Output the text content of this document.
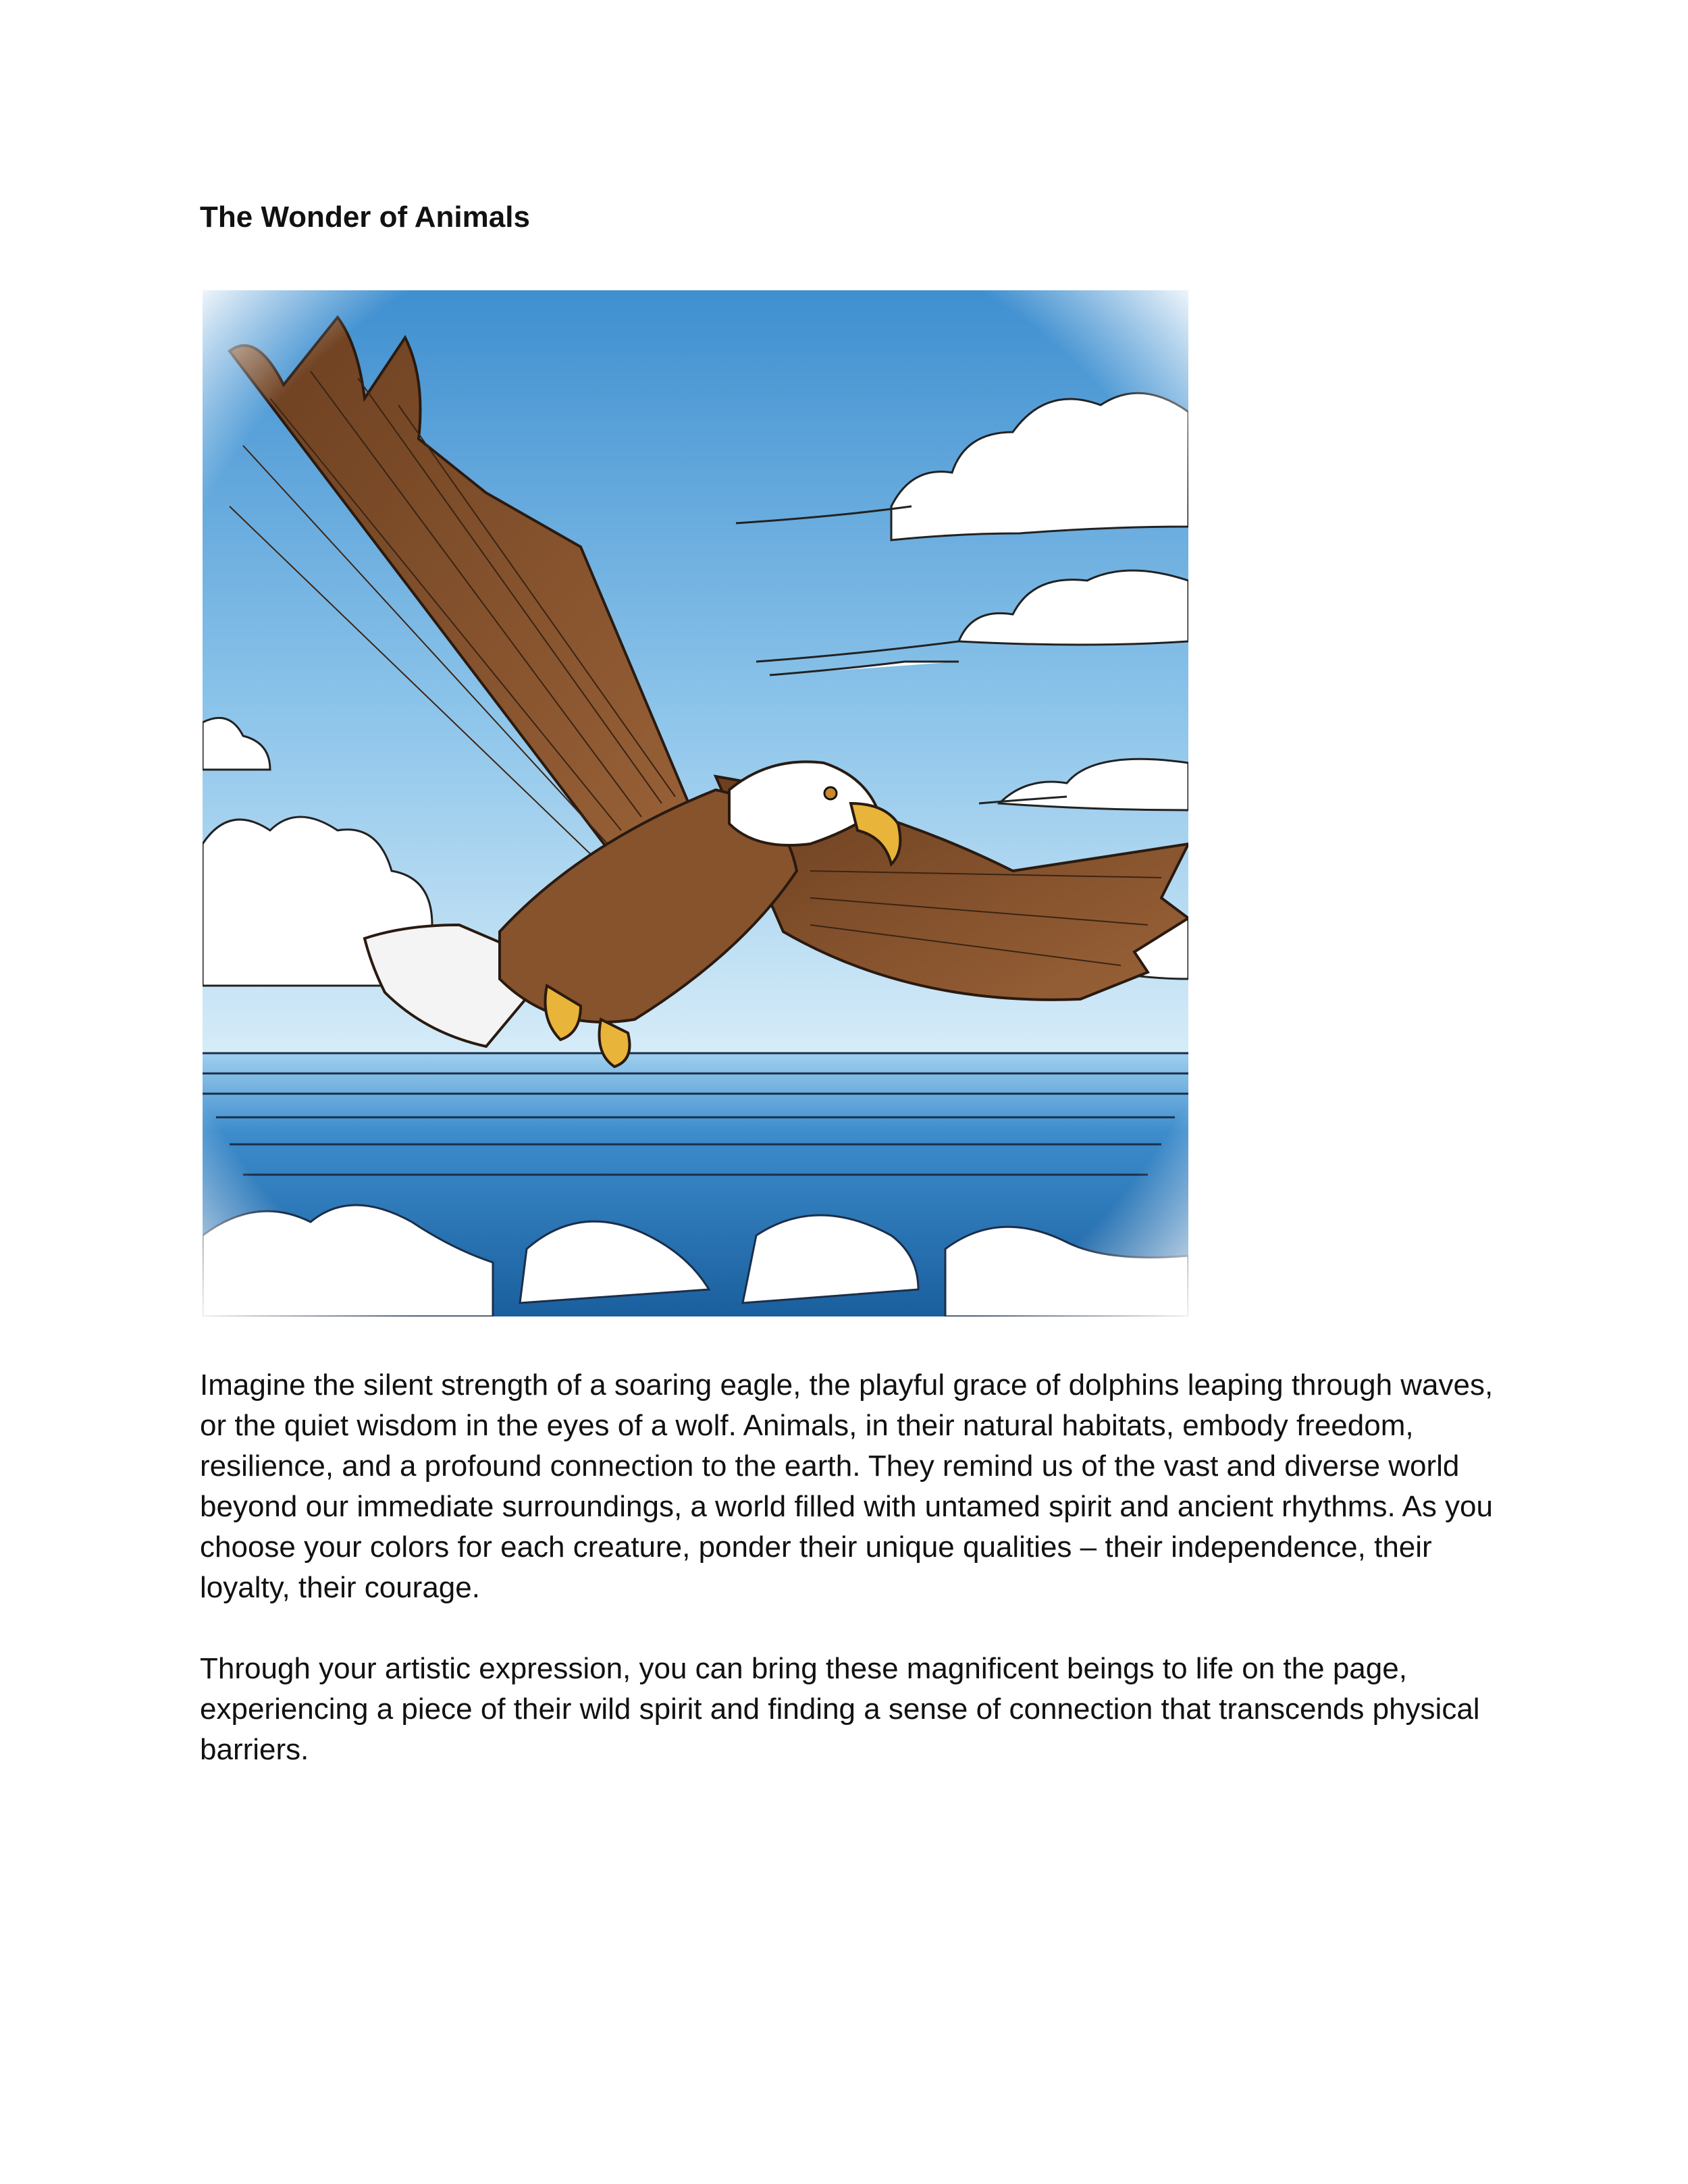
The Wonder of Animals

Imagine the silent strength of a soaring eagle, the playful grace of dolphins leaping through waves, or the quiet wisdom in the eyes of a wolf. Animals, in their natural habitats, embody freedom, resilience, and a profound connection to the earth. They remind us of the vast and diverse world beyond our immediate surroundings, a world filled with untamed spirit and ancient rhythms. As you choose your colors for each creature, ponder their unique qualities – their independence, their loyalty, their courage.

Through your artistic expression, you can bring these magnificent beings to life on the page, experiencing a piece of their wild spirit and finding a sense of connection that transcends physical barriers.
